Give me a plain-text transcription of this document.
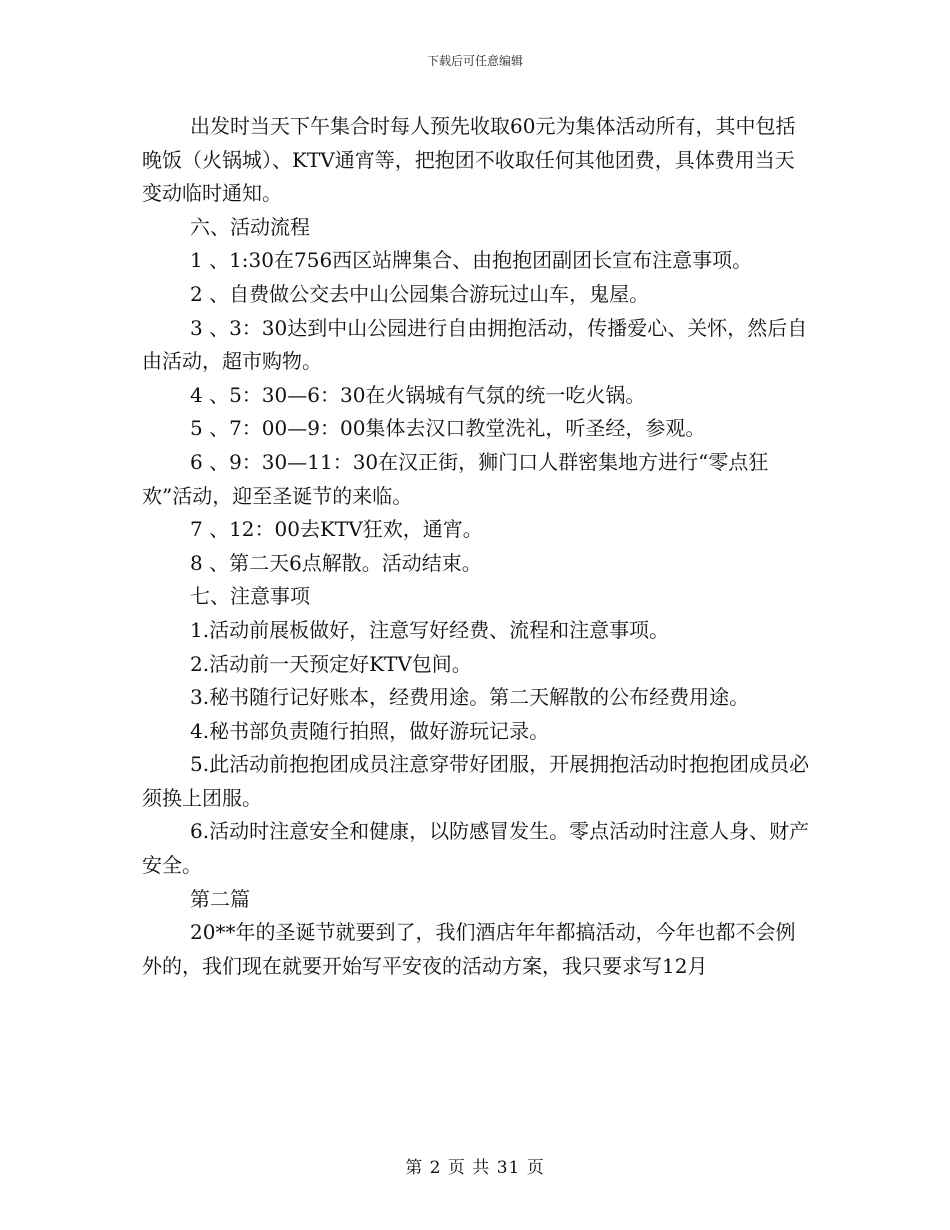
下载后可任意编辑

出发时当天下午集合时每人预先收取60元为集体活动所有，其中包括晚饭（火锅城）、KTV通宵等，把抱团不收取任何其他团费，具体费用当天变动临时通知。

六、活动流程

1 、1:30在756西区站牌集合、由抱抱团副团长宣布注意事项。

2 、自费做公交去中山公园集合游玩过山车，鬼屋。

3 、3：30达到中山公园进行自由拥抱活动，传播爱心、关怀，然后自由活动，超市购物。

4 、5：30—6：30在火锅城有气氛的统一吃火锅。

5 、7：00—9：00集体去汉口教堂洗礼，听圣经，参观。

6 、9：30—11：30在汉正街，狮门口人群密集地方进行“零点狂欢”活动，迎至圣诞节的来临。

7 、12：00去KTV狂欢，通宵。

8 、第二天6点解散。活动结束。

七、注意事项

1.活动前展板做好，注意写好经费、流程和注意事项。

2.活动前一天预定好KTV包间。

3.秘书随行记好账本，经费用途。第二天解散的公布经费用途。

4.秘书部负责随行拍照，做好游玩记录。

5.此活动前抱抱团成员注意穿带好团服，开展拥抱活动时抱抱团成员必须换上团服。

6.活动时注意安全和健康，以防感冒发生。零点活动时注意人身、财产安全。

第二篇

20**年的圣诞节就要到了，我们酒店年年都搞活动，今年也都不会例外的，我们现在就要开始写平安夜的活动方案，我只要求写12月

第 2 页 共 31 页
